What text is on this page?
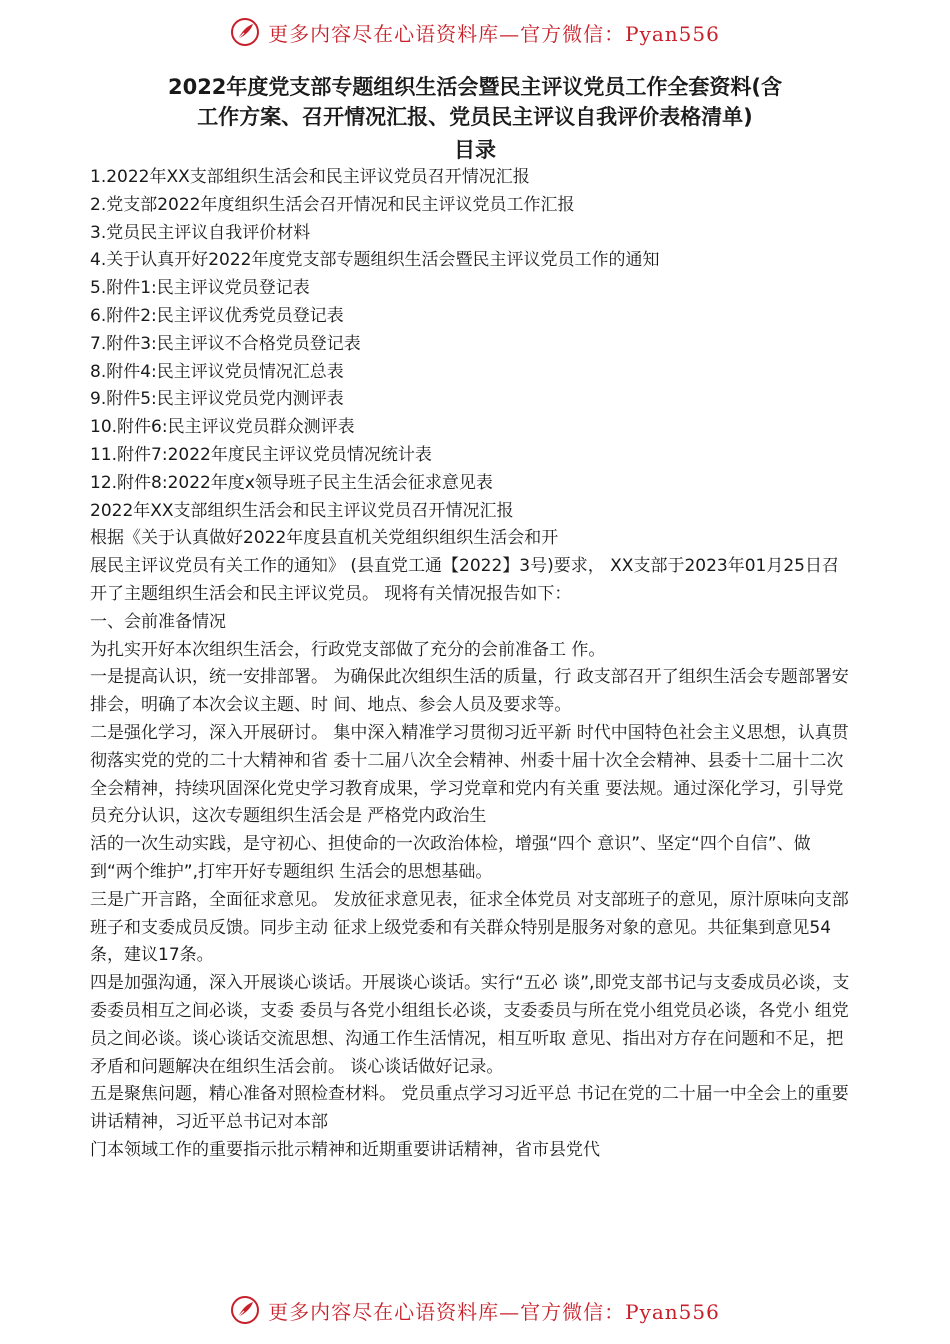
更多内容尽在心语资料库—官方微信：Pyan556
2022年度党支部专题组织生活会暨民主评议党员工作全套资料(含
工作方案、召开情况汇报、党员民主评议自我评价表格清单)
目录
1.2022年XX支部组织生活会和民主评议党员召开情况汇报
2.党支部2022年度组织生活会召开情况和民主评议党员工作汇报
3.党员民主评议自我评价材料
4.关于认真开好2022年度党支部专题组织生活会暨民主评议党员工作的通知
5.附件1:民主评议党员登记表
6.附件2:民主评议优秀党员登记表
7.附件3:民主评议不合格党员登记表
8.附件4:民主评议党员情况汇总表
9.附件5:民主评议党员党内测评表
10.附件6:民主评议党员群众测评表
11.附件7:2022年度民主评议党员情况统计表
12.附件8:2022年度x领导班子民主生活会征求意见表
2022年XX支部组织生活会和民主评议党员召开情况汇报
根据《关于认真做好2022年度县直机关党组织组织生活会和开
展民主评议党员有关工作的通知》 (县直党工通【2022】3号)要求， XX支部于2023年01月25日召开了主题组织生活会和民主评议党员。 现将有关情况报告如下：
一、会前准备情况
为扎实开好本次组织生活会，行政党支部做了充分的会前准备工 作。
一是提高认识，统一安排部署。 为确保此次组织生活的质量，行 政支部召开了组织生活会专题部署安排会，明确了本次会议主题、时 间、地点、参会人员及要求等。
二是强化学习，深入开展研讨。 集中深入精准学习贯彻习近平新 时代中国特色社会主义思想，认真贯彻落实党的党的二十大精神和省 委十二届八次全会精神、州委十届十次全会精神、县委十二届十二次 全会精神，持续巩固深化党史学习教育成果，学习党章和党内有关重 要法规。通过深化学习，引导党员充分认识，这次专题组织生活会是 严格党内政治生
活的一次生动实践，是守初心、担使命的一次政治体检，增强“四个 意识”、坚定“四个自信”、做到“两个维护”,打牢开好专题组织 生活会的思想基础。
三是广开言路，全面征求意见。 发放征求意见表，征求全体党员 对支部班子的意见，原汁原味向支部班子和支委成员反馈。同步主动 征求上级党委和有关群众特别是服务对象的意见。共征集到意见54 条，建议17条。
四是加强沟通，深入开展谈心谈话。开展谈心谈话。实行“五必 谈”,即党支部书记与支委成员必谈，支委委员相互之间必谈，支委 委员与各党小组组长必谈，支委委员与所在党小组党员必谈，各党小 组党员之间必谈。谈心谈话交流思想、沟通工作生活情况，相互听取 意见、指出对方存在问题和不足，把矛盾和问题解决在组织生活会前。 谈心谈话做好记录。
五是聚焦问题，精心准备对照检查材料。 党员重点学习习近平总 书记在党的二十届一中全会上的重要讲话精神，习近平总书记对本部
门本领域工作的重要指示批示精神和近期重要讲话精神，省市县党代
更多内容尽在心语资料库—官方微信：Pyan556
